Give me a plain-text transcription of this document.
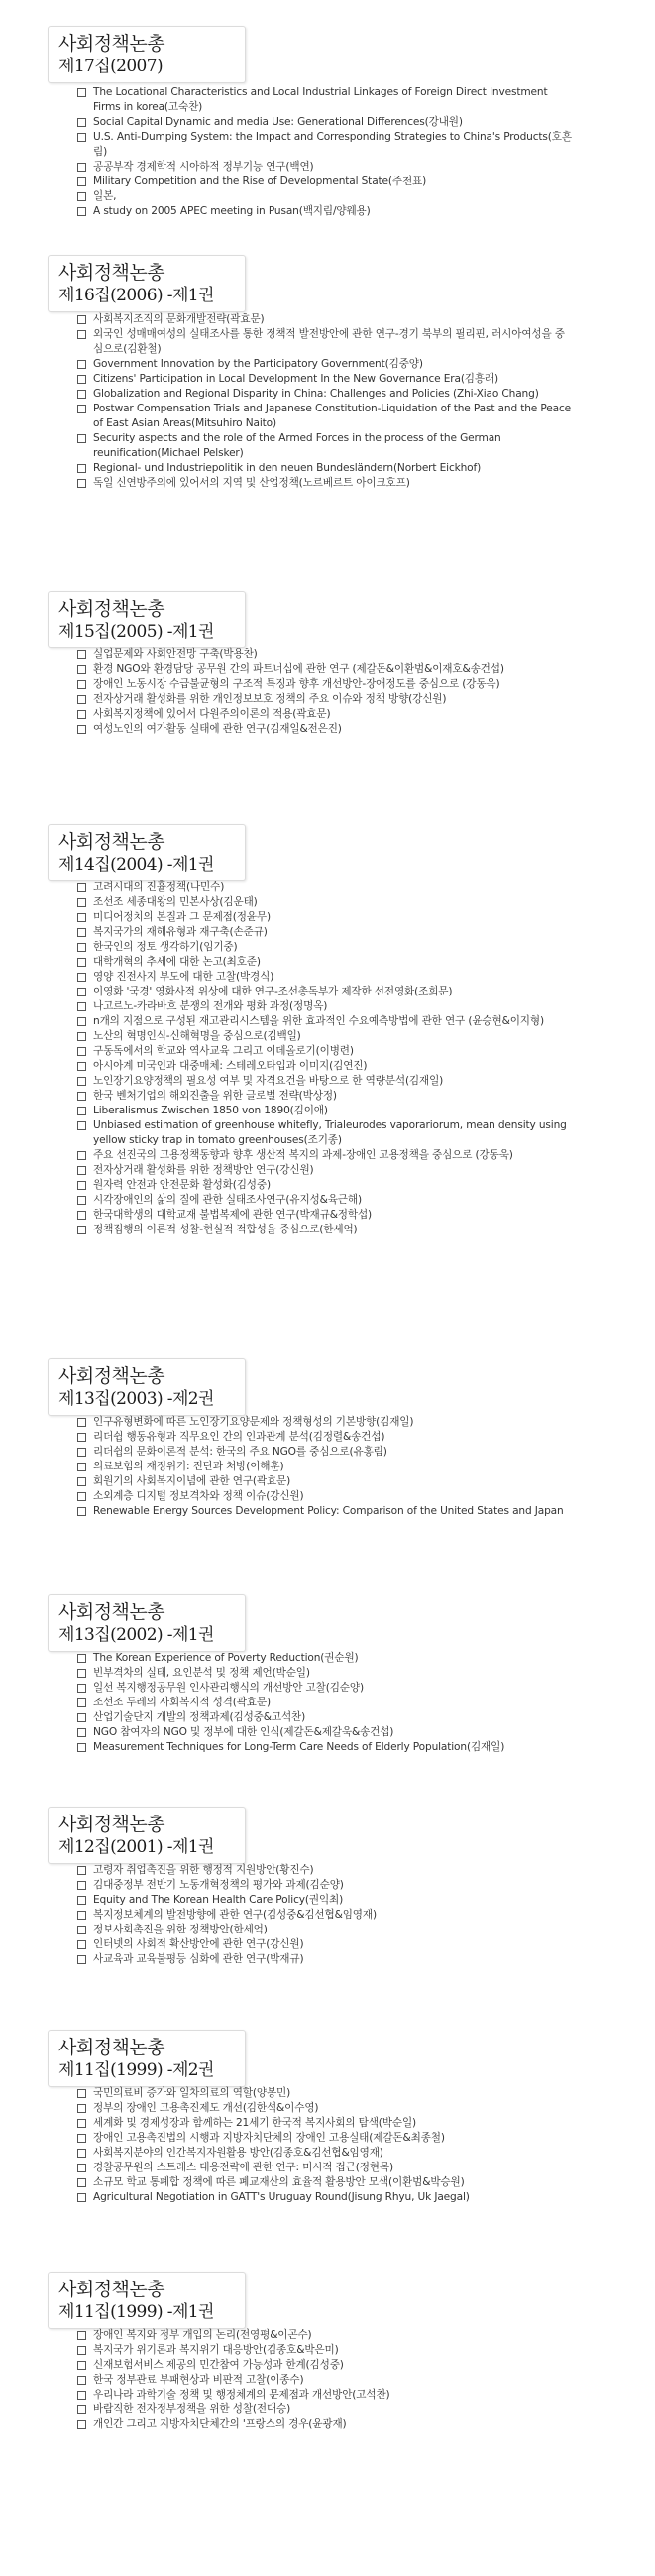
사회정책논총
제17집(2007)
The Locational Characteristics and Local Industrial Linkages of Foreign Direct Investment Firms in korea(고숙찬)
Social Capital Dynamic and media Use: Generational Differences(강내원)
U.S. Anti-Dumping System: the Impact and Corresponding Strategies to China's Products(호흔림)
공공부작 경제학적 시아하적 정부기능 연구(백연)
Military Competition and the Rise of Developmental State(주천표)
일본,
A study on 2005 APEC meeting in Pusan(백지림/양웨용)
사회정책논총
제16집(2006) -제1권
사회복지조직의 문화개발전략(곽효문)
외국인 성매매여성의 실태조사를 통한 정책적 발전방안에 관한 연구-경기 북부의 필리핀, 러시아여성을 중심으로(김환철)
Government Innovation by the Participatory Government(김중양)
Citizens' Participation in Local Development In the New Governance Era(김흥래)
Globalization and Regional Disparity in China: Challenges and Policies (Zhi-Xiao Chang)
Postwar Compensation Trials and Japanese Constitution-Liquidation of the Past and the Peace of East Asian Areas(Mitsuhiro Naito)
Security aspects and the role of the Armed Forces in the process of the German reunification(Michael Pelsker)
Regional- und Industriepolitik in den neuen Bundesländern(Norbert Eickhof)
독일 신연방주의에 있어서의 지역 및 산업정책(노르베르트 아이크호프)
사회정책논총
제15집(2005) -제1권
실업문제와 사회안전망 구축(박용찬)
환경 NGO와 환경담당 공무원 간의 파트너십에 관한 연구 (제갈돈&이환범&이재호&송건섭)
장애인 노동시장 수급불균형의 구조적 특징과 향후 개선방안-장애정도를 중심으로 (강동욱)
전자상거래 활성화를 위한 개인정보보호 정책의 주요 이슈와 정책 방향(강신원)
사회복지정책에 있어서 다원주의이론의 적용(곽효문)
여성노인의 여가활동 실태에 관한 연구(김재일&전은진)
사회정책논총
제14집(2004) -제1권
고려시대의 진휼정책(나민수)
조선조 세종대왕의 민본사상(김운태)
미디어정치의 본질과 그 문제점(정윤무)
복지국가의 재해유형과 재구축(손준규)
한국인의 정토 생각하기(임기중)
대학개혁의 추세에 대한 논고(최호준)
영양 진전사지 부도에 대한 고찰(박경식)
이영화 '국경' 영화사적 위상에 대한 연구-조선총독부가 제작한 선전영화(조희문)
나고르노-카라바흐 분쟁의 전개와 평화 과정(정명옥)
n개의 지점으로 구성된 재고관리시스템을 위한 효과적인 수요예측방법에 관한 연구 (윤승현&이지형)
노산의 혁명인식-신해혁명을 중심으로(김백일)
구동독에서의 학교와 역사교육 그리고 이데올로기(이병련)
아시아계 미국인과 대중매체: 스테레오타입과 이미지(김연진)
노인장기요양정책의 필요성 여부 및 자격요건을 바탕으로 한 역량분석(김재일)
한국 벤처기업의 해외진출을 위한 글로벌 전략(박상정)
Liberalismus Zwischen 1850 von 1890(김이애)
Unbiased estimation of greenhouse whitefly, Trialeurodes vaporariorum, mean density using yellow sticky trap in tomato greenhouses(조기종)
주요 선진국의 고용정책동향과 향후 생산적 복지의 과제-장애인 고용정책을 중심으로 (강동욱)
전자상거래 활성화를 위한 정책방안 연구(강신원)
원자력 안전과 안전문화 활성화(김성중)
시각장애인의 삶의 질에 관한 실태조사연구(유지성&육근해)
한국대학생의 대학교재 불법복제에 관한 연구(박재규&정학섭)
정책집행의 이론적 성찰-현실적 적합성을 중심으로(한세억)
사회정책논총
제13집(2003) -제2권
인구유형변화에 따른 노인장기요양문제와 정책형성의 기본방향(김재일)
리더쉽 행동유형과 직무요인 간의 인과관계 분석(김정렬&송건섭)
리더쉽의 문화이론적 분석: 한국의 주요 NGO를 중심으로(유홍림)
의료보험의 재정위기: 진단과 처방(이해훈)
회원기의 사회복지이념에 관한 연구(곽효문)
소외계층 디지털 정보격차와 정책 이슈(강신원)
Renewable Energy Sources Development Policy: Comparison of the United States and Japan
사회정책논총
제13집(2002) -제1권
The Korean Experience of Poverty Reduction(권순원)
빈부격차의 실태, 요인분석 및 정책 제언(박순일)
일선 복지행정공무원 인사관리행식의 개선방안 고찰(김순양)
조선조 두레의 사회복지적 성격(곽효문)
산업기술단지 개발의 정책과제(김성중&고석찬)
NGO 참여자의 NGO 및 정부에 대한 인식(제갈돈&제갈욱&송건섭)
Measurement Techniques for Long-Term Care Needs of Elderly Population(김재일)
사회정책논총
제12집(2001) -제1권
고령자 취업촉진을 위한 행정적 지원방안(황진수)
김대중정부 전반기 노동개혁정책의 평가와 과제(김순양)
Equity and The Korean Health Care Policy(권익최)
복지정보체계의 발전방향에 관한 연구(김성중&김선협&임영재)
정보사회촉진을 위한 정책방안(한세억)
인터넷의 사회적 확산방안에 관한 연구(강신원)
사교육과 교육불평등 심화에 관한 연구(박재규)
사회정책논총
제11집(1999) -제2권
국민의료비 증가와 일차의료의 역할(양봉민)
정부의 장애인 고용촉진제도 개선(김한석&이수영)
세계화 및 경제성장과 함께하는 21세기 한국적 복지사회의 탐색(박순일)
장애인 고용촉진법의 시행과 지방자치단체의 장애인 고용실태(제갈돈&최종철)
사회복지분야의 인간복지자원활용 방안(김종호&김선협&임영재)
경찰공무원의 스트레스 대응전략에 관한 연구: 미시적 접근(정현목)
소규모 학교 통폐합 정책에 따른 폐교재산의 효율적 활용방안 모색(이환범&박승원)
Agricultural Negotiation in GATT's Uruguay Round(Jisung Rhyu, Uk Jaegal)
사회정책논총
제11집(1999) -제1권
장애인 복지와 정부 개입의 논리(전영평&이곤수)
복지국가 위기론과 복지위기 대응방안(김종호&박은미)
신재보험서비스 제공의 민간참여 가능성과 한계(김성중)
한국 정부관료 부패현상과 비판적 고찰(이종수)
우리나라 과학기술 정책 및 행정체계의 문제점과 개선방안(고석찬)
바람직한 전자정부정책을 위한 성찰(전대승)
개인간 그리고 지방자치단체간의 '프랑스의 경우(윤광재)
